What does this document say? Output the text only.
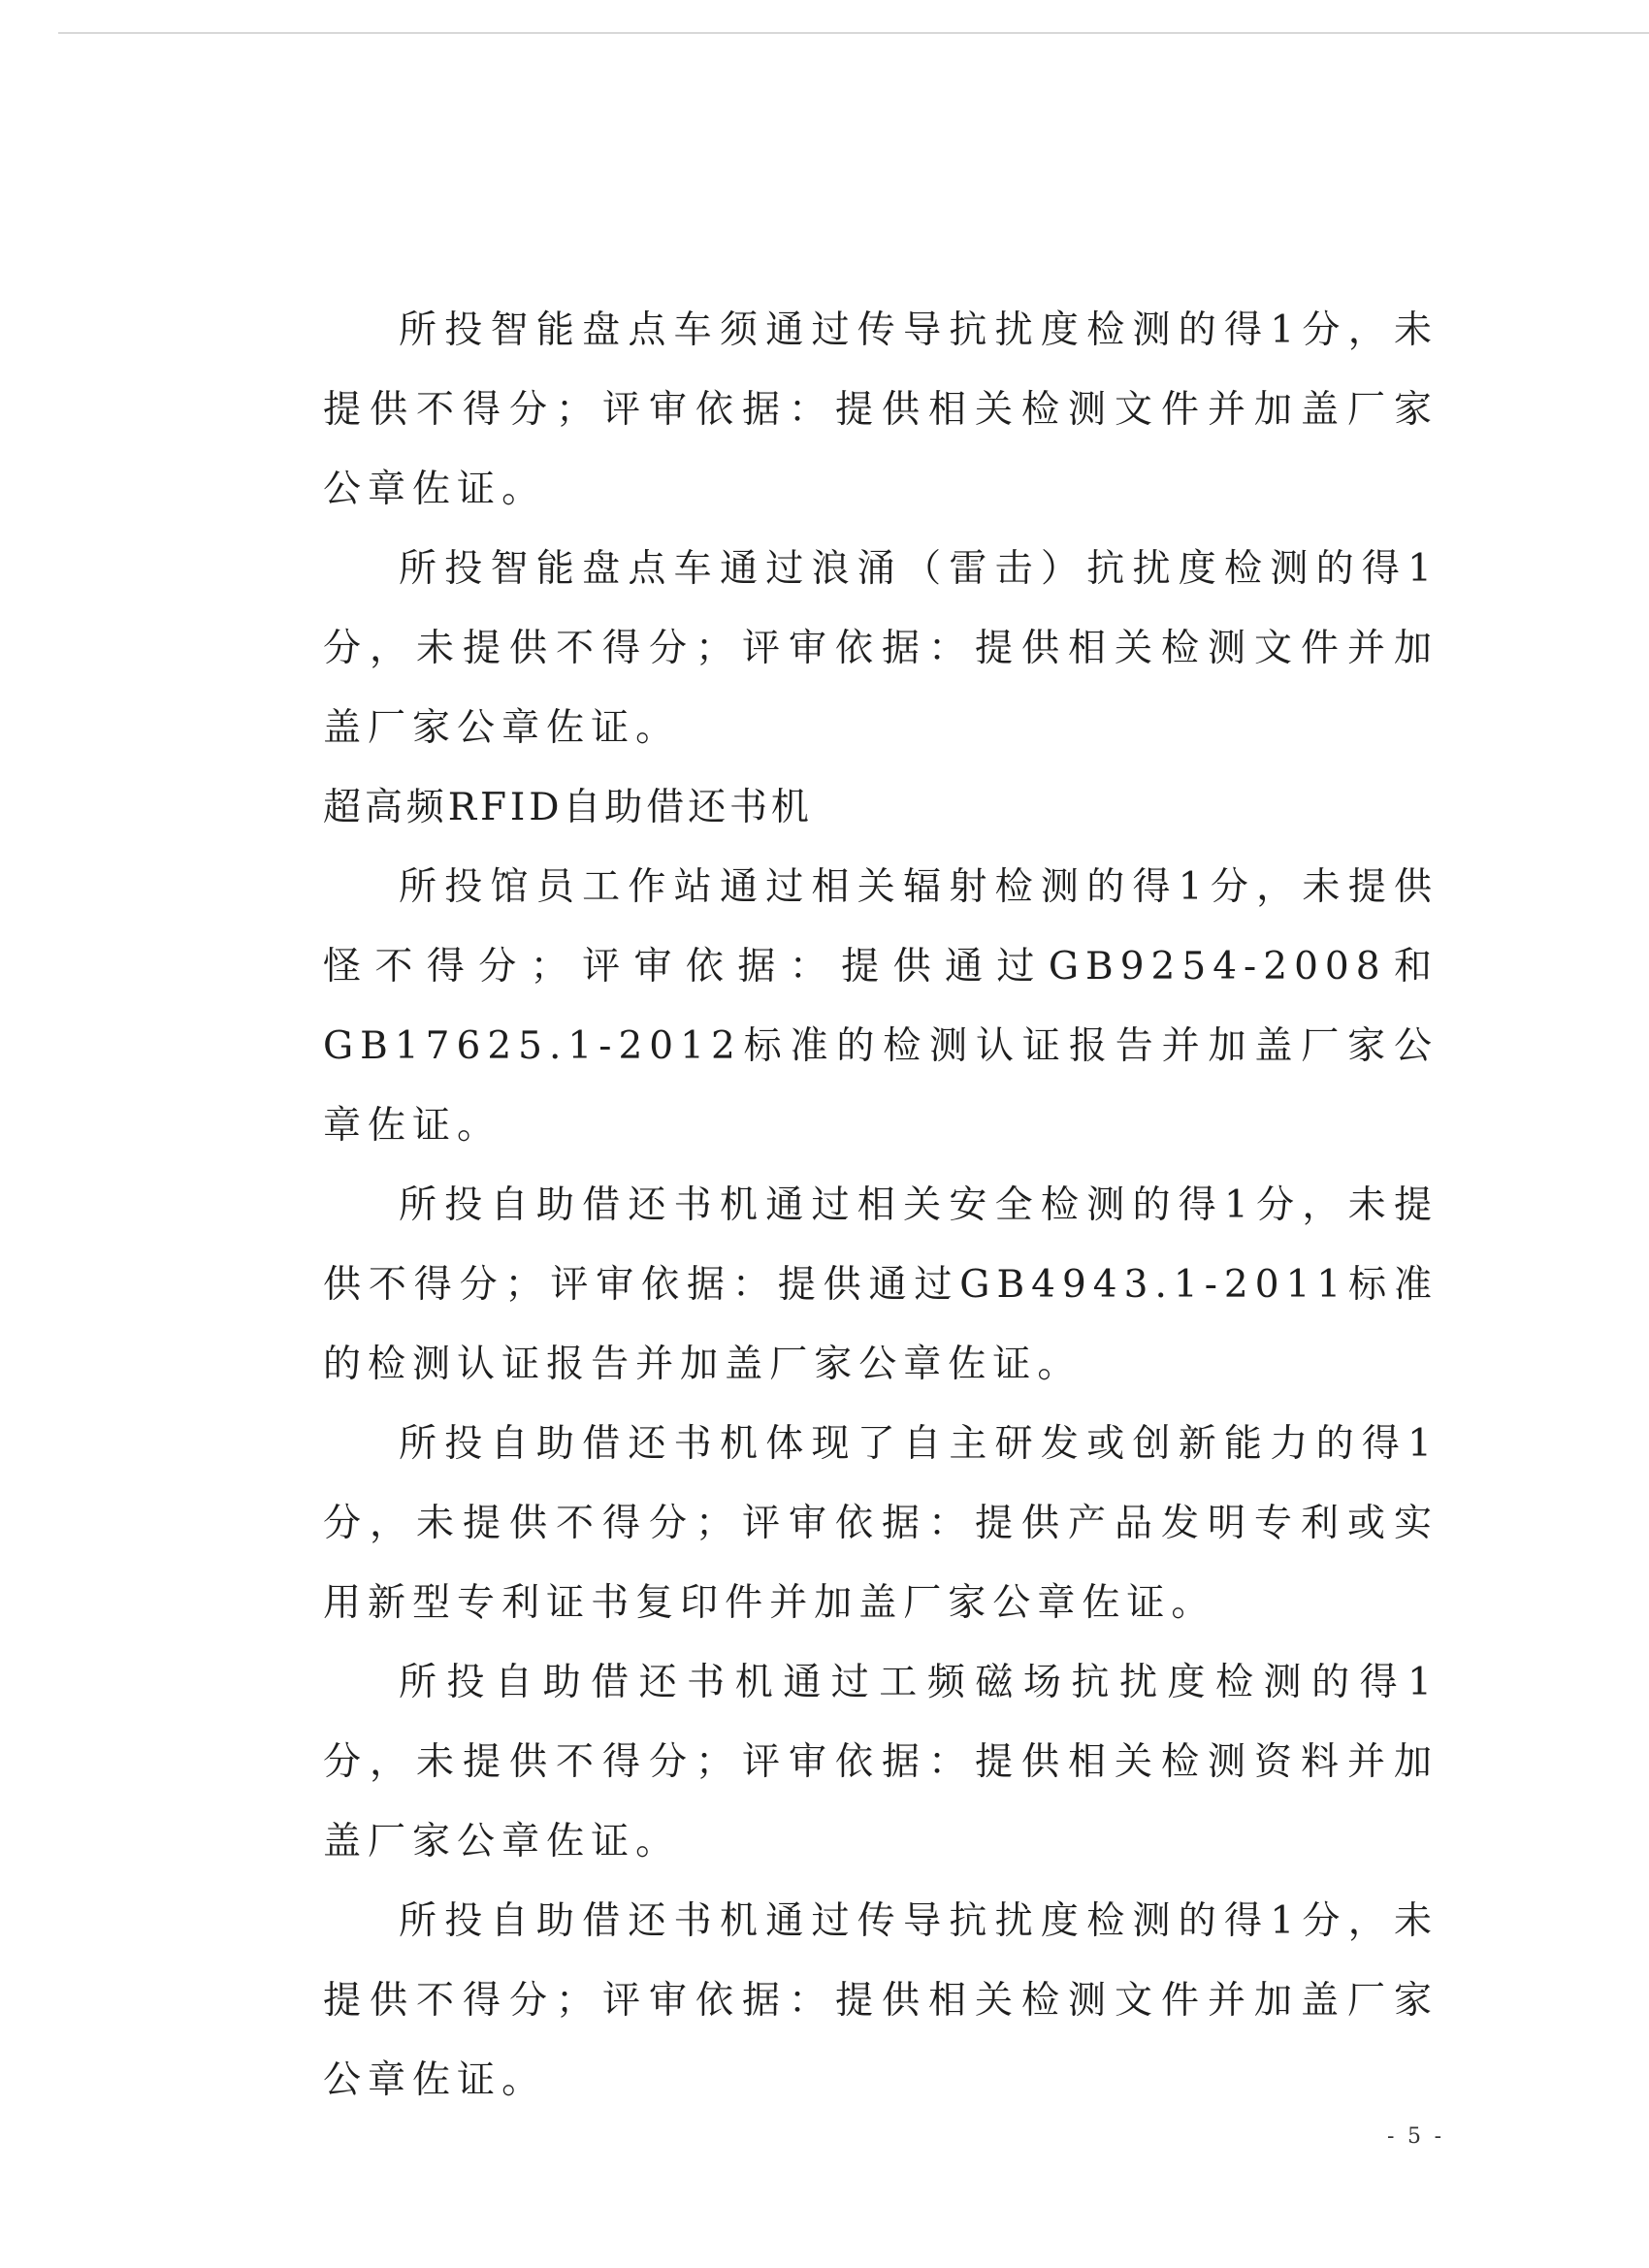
所投智能盘点车须通过传导抗扰度检测的得1分，未提供不得分；评审依据：提供相关检测文件并加盖厂家公章佐证。

所投智能盘点车通过浪涌（雷击）抗扰度检测的得1分，未提供不得分；评审依据：提供相关检测文件并加盖厂家公章佐证。

超高频RFID自助借还书机

所投馆员工作站通过相关辐射检测的得1分，未提供怪不得分；评审依据：提供通过GB9254-2008和GB17625.1-2012标准的检测认证报告并加盖厂家公章佐证。

所投自助借还书机通过相关安全检测的得1分，未提供不得分；评审依据：提供通过GB4943.1-2011标准的检测认证报告并加盖厂家公章佐证。

所投自助借还书机体现了自主研发或创新能力的得1分，未提供不得分；评审依据：提供产品发明专利或实用新型专利证书复印件并加盖厂家公章佐证。

所投自助借还书机通过工频磁场抗扰度检测的得1分，未提供不得分；评审依据：提供相关检测资料并加盖厂家公章佐证。

所投自助借还书机通过传导抗扰度检测的得1分，未提供不得分；评审依据：提供相关检测文件并加盖厂家公章佐证。

- 5 -
